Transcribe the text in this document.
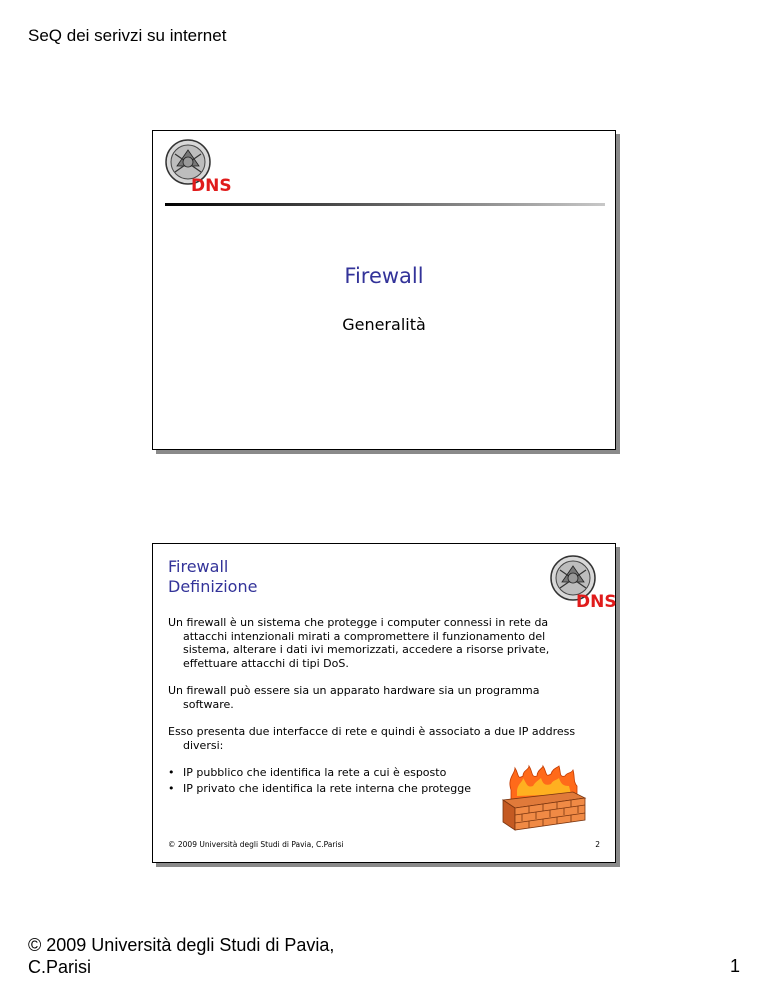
SeQ dei serivzi su internet
DNS
Firewall
Generalità
Firewall
Definizione
DNS

Un firewall è un sistema che protegge i computer connessi in rete da attacchi intenzionali mirati a compromettere il funzionamento del sistema, alterare i dati ivi memorizzati, accedere a risorse private, effettuare attacchi di tipi DoS.

Un firewall può essere sia un apparato hardware sia un programma software.

Esso presenta due interfacce di rete e quindi è associato a due IP address diversi:

• IP pubblico che identifica la rete a cui è esposto
• IP privato che identifica la rete interna che protegge
© 2009 Università degli Studi di Pavia, C.Parisi	2
© 2009 Università degli Studi di Pavia, C.Parisi	1
